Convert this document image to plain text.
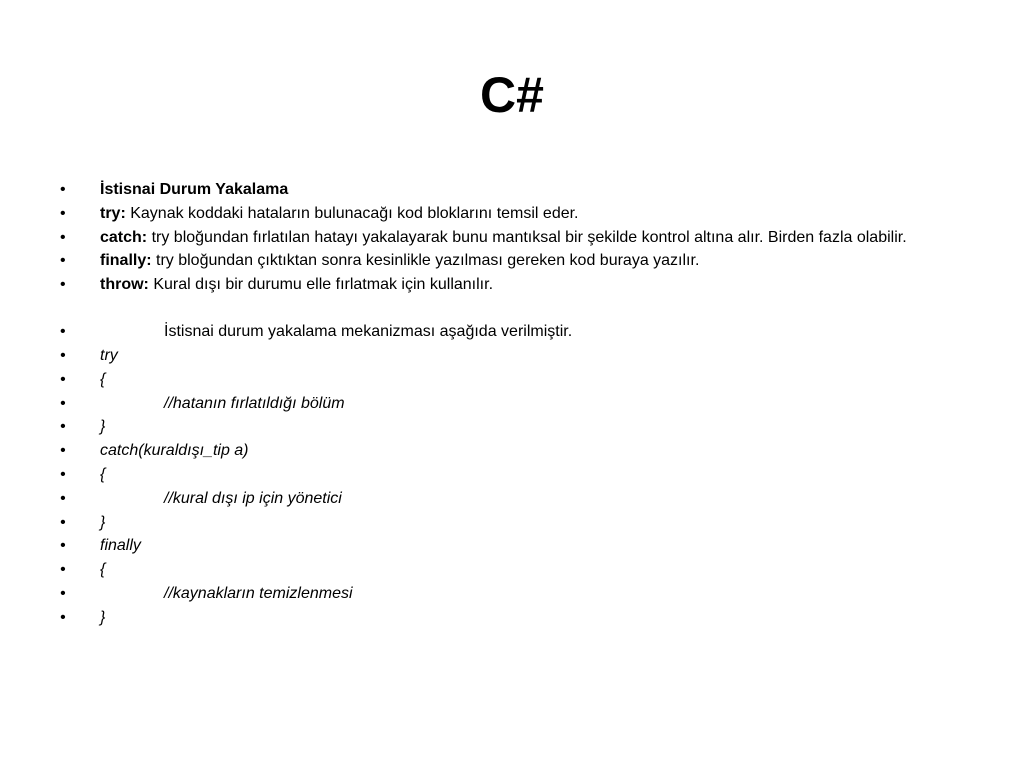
C#
•	İstisnai Durum Yakalama
•	try: Kaynak koddaki hataların bulunacağı kod bloklarını temsil eder.
•	catch: try bloğundan fırlatılan hatayı yakalayarak bunu mantıksal bir şekilde kontrol altına alır. Birden fazla olabilir.
•	finally: try bloğundan çıktıktan sonra kesinlikle yazılması gereken kod buraya yazılır.
•	throw: Kural dışı bir durumu elle fırlatmak için kullanılır.
•	İstisnai durum yakalama mekanizması aşağıda verilmiştir.
•	try
•	{
•	//hatanın fırlatıldığı bölüm
•	}
•	catch(kuraldışı_tip a)
•	{
•	//kural dışı ip için yönetici
•	}
•	finally
•	{
•	//kaynakların temizlenmesi
•	}
